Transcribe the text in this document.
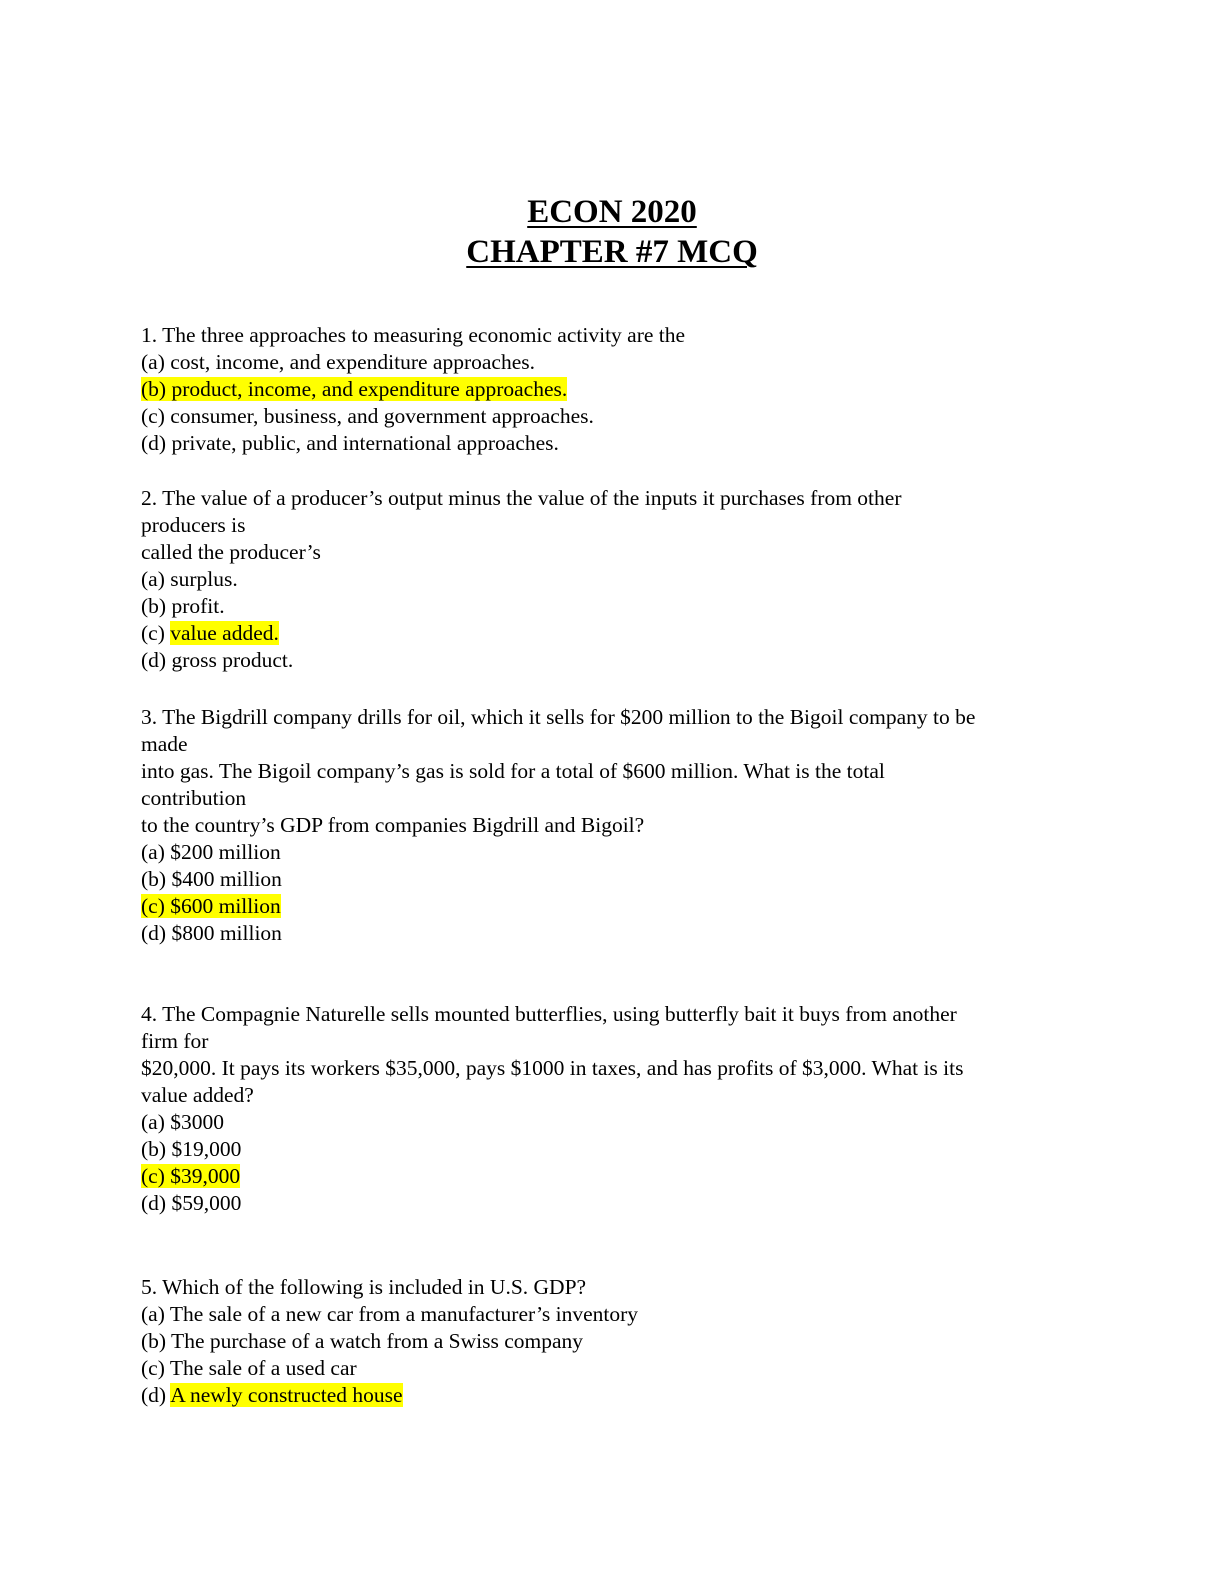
ECON 2020
CHAPTER #7 MCQ
1. The three approaches to measuring economic activity are the
(a) cost, income, and expenditure approaches.
(b) product, income, and expenditure approaches.
(c) consumer, business, and government approaches.
(d) private, public, and international approaches.
2. The value of a producer’s output minus the value of the inputs it purchases from other
producers is
called the producer’s
(a) surplus.
(b) profit.
(c) value added.
(d) gross product.
3. The Bigdrill company drills for oil, which it sells for $200 million to the Bigoil company to be
made
into gas. The Bigoil company’s gas is sold for a total of $600 million. What is the total
contribution
to the country’s GDP from companies Bigdrill and Bigoil?
(a) $200 million
(b) $400 million
(c) $600 million
(d) $800 million
4. The Compagnie Naturelle sells mounted butterflies, using butterfly bait it buys from another
firm for
$20,000. It pays its workers $35,000, pays $1000 in taxes, and has profits of $3,000. What is its
value added?
(a) $3000
(b) $19,000
(c) $39,000
(d) $59,000
5. Which of the following is included in U.S. GDP?
(a) The sale of a new car from a manufacturer’s inventory
(b) The purchase of a watch from a Swiss company
(c) The sale of a used car
(d) A newly constructed house
